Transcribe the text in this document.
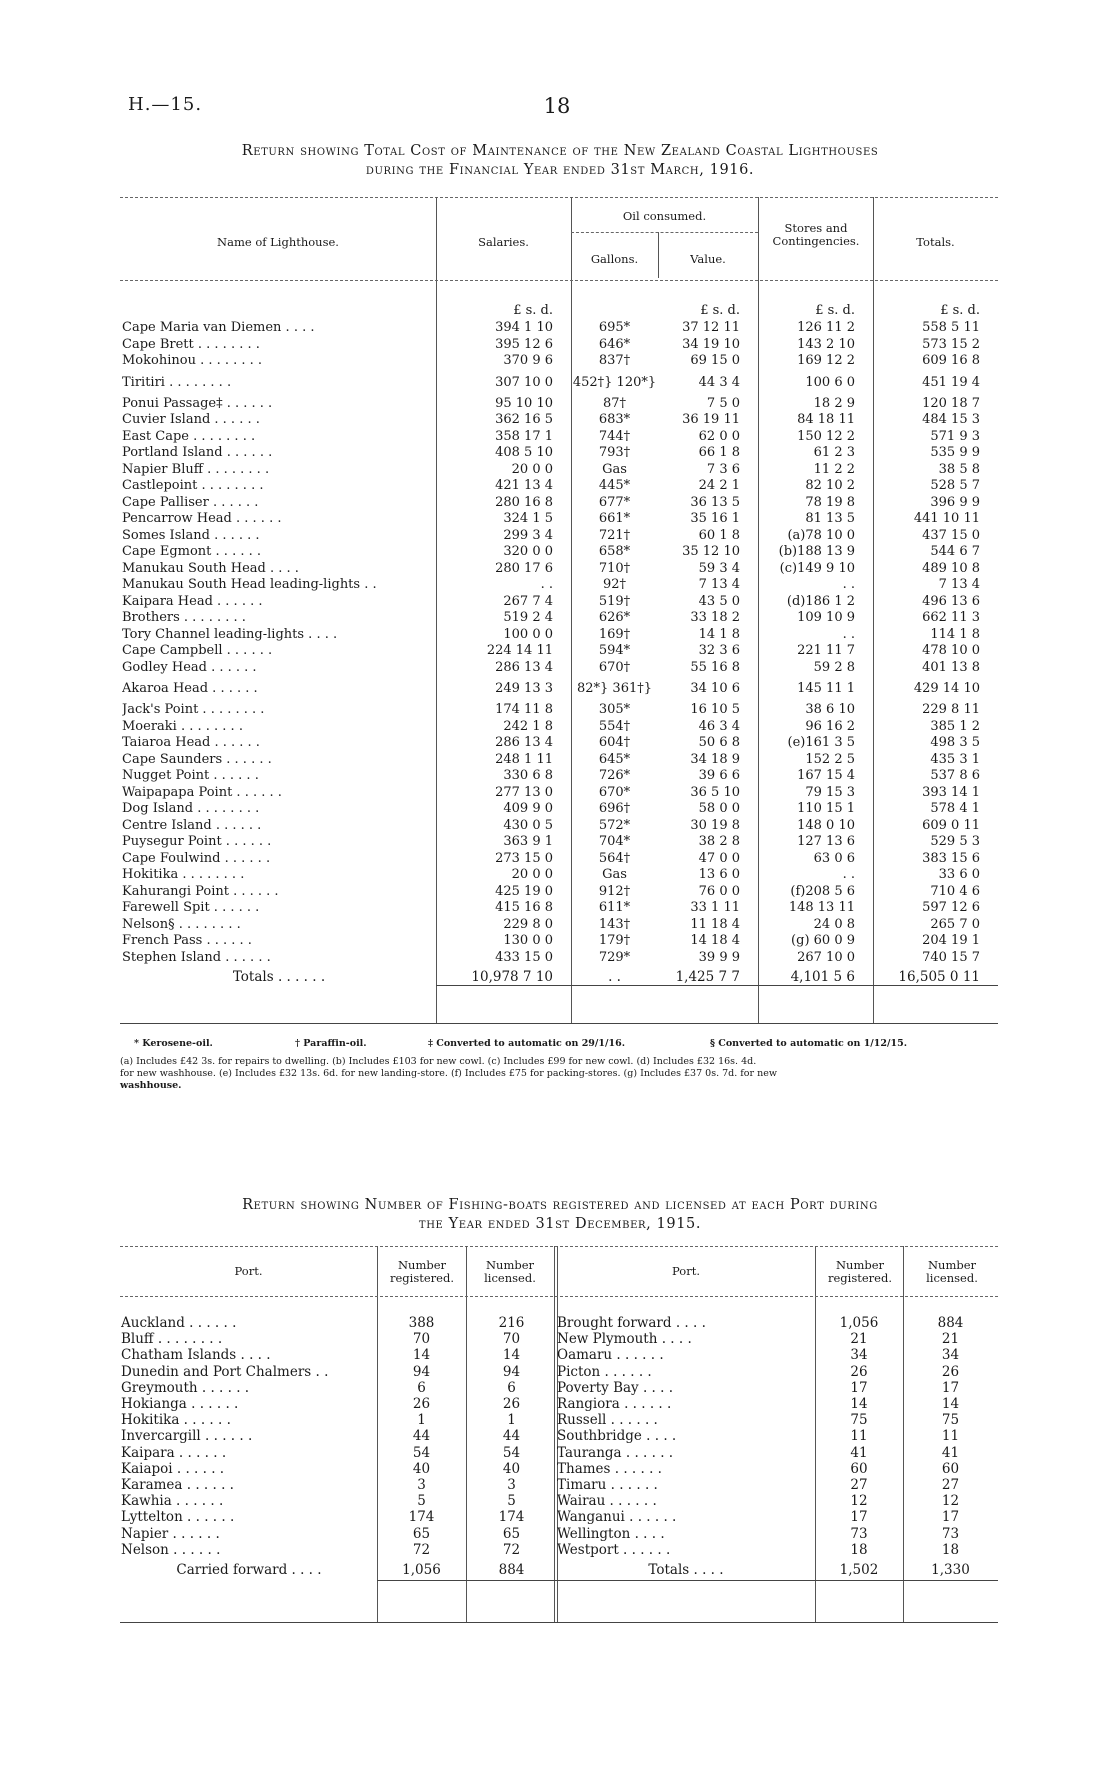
H.—15.	18
Return showing Total Cost of Maintenance of the New Zealand Coastal Lighthouses
during the Financial Year ended 31st March, 1916.
Name of Lighthouse.	Salaries.
Oil consumed.
Gallons.	Value.
Stores and Contingencies.	Totals.
	£ s. d.		£ s. d.	£ s. d.	£ s. d.
Cape Maria van Diemen . . . .	394 1 10	695*	37 12 11	126 11 2	558 5 11
Cape Brett . . . . . . . .	395 12 6	646*	34 19 10	143 2 10	573 15 2
Mokohinou . . . . . . . .	370 9 6	837†	69 15 0	169 12 2	609 16 8
Tiritiri . . . . . . . .	307 10 0	452†} 120*}	44 3 4	100 6 0	451 19 4
Ponui Passage‡ . . . . . .	95 10 10	87†	7 5 0	18 2 9	120 18 7
Cuvier Island . . . . . .	362 16 5	683*	36 19 11	84 18 11	484 15 3
East Cape . . . . . . . .	358 17 1	744†	62 0 0	150 12 2	571 9 3
Portland Island . . . . . .	408 5 10	793†	66 1 8	61 2 3	535 9 9
Napier Bluff . . . . . . . .	20 0 0	Gas	7 3 6	11 2 2	38 5 8
Castlepoint . . . . . . . .	421 13 4	445*	24 2 1	82 10 2	528 5 7
Cape Palliser . . . . . .	280 16 8	677*	36 13 5	78 19 8	396 9 9
Pencarrow Head . . . . . .	324 1 5	661*	35 16 1	81 13 5	441 10 11
Somes Island . . . . . .	299 3 4	721†	60 1 8	(a)78 10 0	437 15 0
Cape Egmont . . . . . .	320 0 0	658*	35 12 10	(b)188 13 9	544 6 7
Manukau South Head . . . .	280 17 6	710†	59 3 4	(c)149 9 10	489 10 8
Manukau South Head leading-lights . .	. .	92†	7 13 4	. .	7 13 4
Kaipara Head . . . . . .	267 7 4	519†	43 5 0	(d)186 1 2	496 13 6
Brothers . . . . . . . .	519 2 4	626*	33 18 2	109 10 9	662 11 3
Tory Channel leading-lights . . . .	100 0 0	169†	14 1 8	. .	114 1 8
Cape Campbell . . . . . .	224 14 11	594*	32 3 6	221 11 7	478 10 0
Godley Head . . . . . .	286 13 4	670†	55 16 8	59 2 8	401 13 8
Akaroa Head . . . . . .	249 13 3	82*} 361†}	34 10 6	145 11 1	429 14 10
Jack's Point . . . . . . . .	174 11 8	305*	16 10 5	38 6 10	229 8 11
Moeraki . . . . . . . .	242 1 8	554†	46 3 4	96 16 2	385 1 2
Taiaroa Head . . . . . .	286 13 4	604†	50 6 8	(e)161 3 5	498 3 5
Cape Saunders . . . . . .	248 1 11	645*	34 18 9	152 2 5	435 3 1
Nugget Point . . . . . .	330 6 8	726*	39 6 6	167 15 4	537 8 6
Waipapapa Point . . . . . .	277 13 0	670*	36 5 10	79 15 3	393 14 1
Dog Island . . . . . . . .	409 9 0	696†	58 0 0	110 15 1	578 4 1
Centre Island . . . . . .	430 0 5	572*	30 19 8	148 0 10	609 0 11
Puysegur Point . . . . . .	363 9 1	704*	38 2 8	127 13 6	529 5 3
Cape Foulwind . . . . . .	273 15 0	564†	47 0 0	63 0 6	383 15 6
Hokitika . . . . . . . .	20 0 0	Gas	13 6 0	. .	33 6 0
Kahurangi Point . . . . . .	425 19 0	912†	76 0 0	(f)208 5 6	710 4 6
Farewell Spit . . . . . .	415 16 8	611*	33 1 11	148 13 11	597 12 6
Nelson§ . . . . . . . .	229 8 0	143†	11 18 4	24 0 8	265 7 0
French Pass . . . . . .	130 0 0	179†	14 18 4	(g) 60 0 9	204 19 1
Stephen Island . . . . . .	433 15 0	729*	39 9 9	267 10 0	740 15 7
Totals . . . . . .	10,978 7 10	. .	1,425 7 7	4,101 5 6	16,505 0 11
* Kerosene-oil.	† Paraffin-oil.	‡ Converted to automatic on 29/1/16.	§ Converted to automatic on 1/12/15.
(a) Includes £42 3s. for repairs to dwelling. (b) Includes £103 for new cowl. (c) Includes £99 for new cowl. (d) Includes £32 16s. 4d.
for new washhouse. (e) Includes £32 13s. 6d. for new landing-store. (f) Includes £75 for packing-stores. (g) Includes £37 0s. 7d. for new
washhouse.
Return showing Number of Fishing-boats registered and licensed at each Port during
the Year ended 31st December, 1915.
Port.	Number registered.
Number licensed.	Port.	Number registered.
Number licensed.
Auckland . . . . . .	388	216	Brought forward . . . .	1,056	884
Bluff . . . . . . . .	70	70	New Plymouth . . . .	21	21
Chatham Islands . . . .	14	14	Oamaru . . . . . .	34	34
Dunedin and Port Chalmers . .	94	94	Picton . . . . . .	26	26
Greymouth . . . . . .	6	6	Poverty Bay . . . .	17	17
Hokianga . . . . . .	26	26	Rangiora . . . . . .	14	14
Hokitika . . . . . .	1	1	Russell . . . . . .	75	75
Invercargill . . . . . .	44	44	Southbridge . . . .	11	11
Kaipara . . . . . .	54	54	Tauranga . . . . . .	41	41
Kaiapoi . . . . . .	40	40	Thames . . . . . .	60	60
Karamea . . . . . .	3	3	Timaru . . . . . .	27	27
Kawhia . . . . . .	5	5	Wairau . . . . . .	12	12
Lyttelton . . . . . .	174	174	Wanganui . . . . . .	17	17
Napier . . . . . .	65	65	Wellington . . . .	73	73
Nelson . . . . . .	72	72	Westport . . . . . .	18	18
Carried forward . . . .	1,056	884	Totals . . . .	1,502	1,330
